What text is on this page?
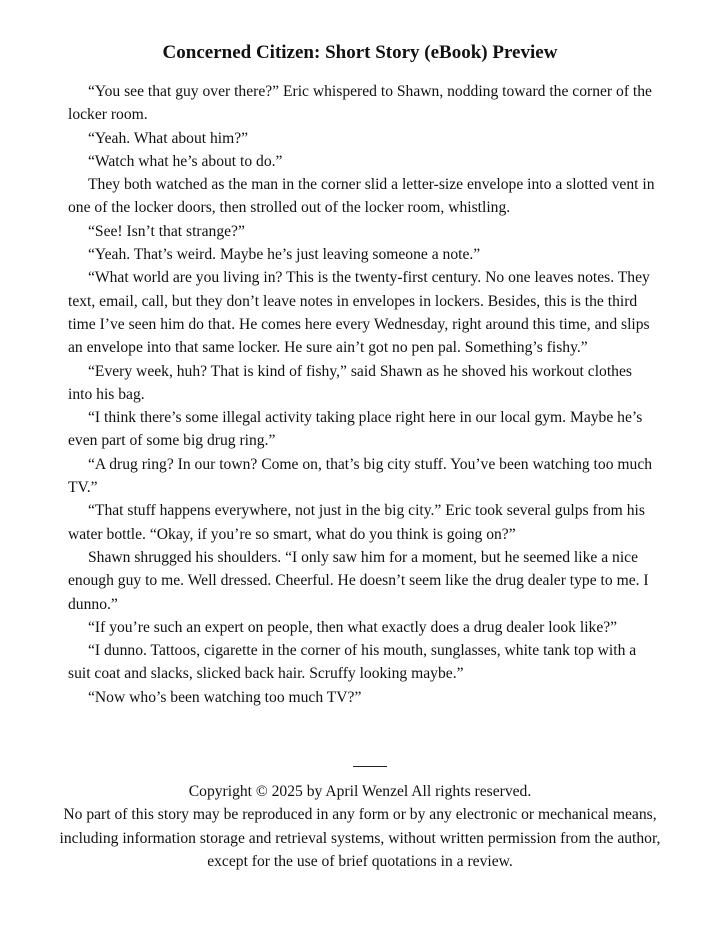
Concerned Citizen: Short Story (eBook) Preview

“You see that guy over there?” Eric whispered to Shawn, nodding toward the corner of the locker room.

“Yeah. What about him?”

“Watch what he’s about to do.”

They both watched as the man in the corner slid a letter-size envelope into a slotted vent in one of the locker doors, then strolled out of the locker room, whistling.

“See! Isn’t that strange?”

“Yeah. That’s weird. Maybe he’s just leaving someone a note.”

“What world are you living in? This is the twenty-first century. No one leaves notes. They text, email, call, but they don’t leave notes in envelopes in lockers. Besides, this is the third time I’ve seen him do that. He comes here every Wednesday, right around this time, and slips an envelope into that same locker. He sure ain’t got no pen pal. Something’s fishy.”

“Every week, huh? That is kind of fishy,” said Shawn as he shoved his workout clothes into his bag.

“I think there’s some illegal activity taking place right here in our local gym. Maybe he’s even part of some big drug ring.”

“A drug ring? In our town? Come on, that’s big city stuff. You’ve been watching too much TV.”

“That stuff happens everywhere, not just in the big city.” Eric took several gulps from his water bottle. “Okay, if you’re so smart, what do you think is going on?”

Shawn shrugged his shoulders. “I only saw him for a moment, but he seemed like a nice enough guy to me. Well dressed. Cheerful. He doesn’t seem like the drug dealer type to me. I dunno.”

“If you’re such an expert on people, then what exactly does a drug dealer look like?”

“I dunno. Tattoos, cigarette in the corner of his mouth, sunglasses, white tank top with a suit coat and slacks, slicked back hair. Scruffy looking maybe.”

“Now who’s been watching too much TV?”

Copyright © 2025 by April Wenzel All rights reserved.

No part of this story may be reproduced in any form or by any electronic or mechanical means, including information storage and retrieval systems, without written permission from the author, except for the use of brief quotations in a review.
